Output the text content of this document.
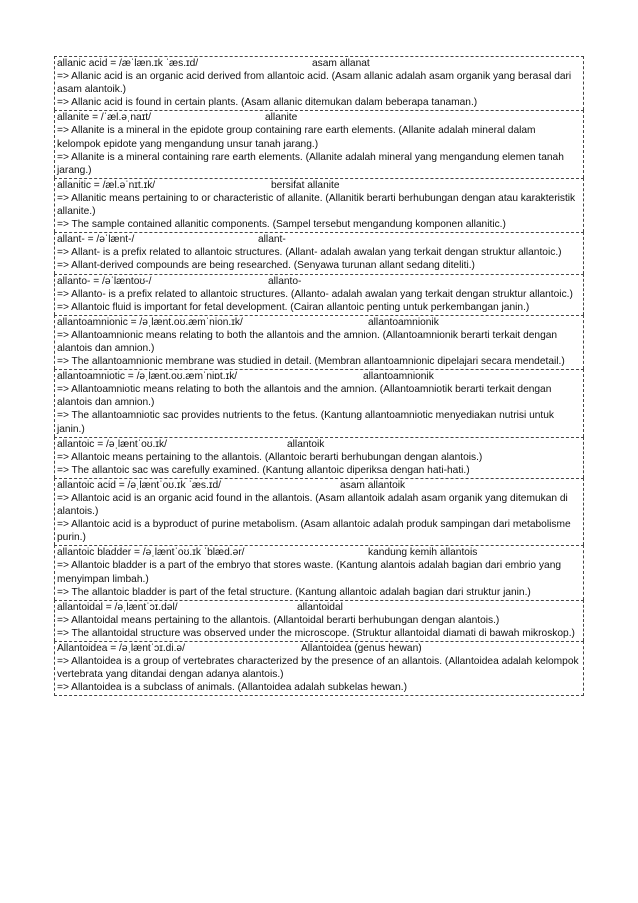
allanic acid = /æˈlæn.ɪk ˈæs.ɪd/	asam allanat
=> Allanic acid is an organic acid derived from allantoic acid. (Asam allanic adalah asam organik yang berasal dari asam alantoik.)
=> Allanic acid is found in certain plants. (Asam allanic ditemukan dalam beberapa tanaman.)
allanite = /ˈæl.əˌnaɪt/	allanite
=> Allanite is a mineral in the epidote group containing rare earth elements. (Allanite adalah mineral dalam kelompok epidote yang mengandung unsur tanah jarang.)
=> Allanite is a mineral containing rare earth elements. (Allanite adalah mineral yang mengandung elemen tanah jarang.)
allanitic = /æl.əˈnɪt.ɪk/	bersifat allanite
=> Allanitic means pertaining to or characteristic of allanite. (Allanitik berarti berhubungan dengan atau karakteristik allanite.)
=> The sample contained allanitic components. (Sampel tersebut mengandung komponen allanitic.)
allant- = /əˈlænt-/	allant-
=> Allant- is a prefix related to allantoic structures. (Allant- adalah awalan yang terkait dengan struktur allantoic.)
=> Allant-derived compounds are being researched. (Senyawa turunan allant sedang diteliti.)
allanto- = /əˈlæntoʊ-/	allanto-
=> Allanto- is a prefix related to allantoic structures. (Allanto- adalah awalan yang terkait dengan struktur allantoic.)
=> Allantoic fluid is important for fetal development. (Cairan allantoic penting untuk perkembangan janin.)
allantoamnionic = /əˌlænt.oʊ.æmˈnion.ɪk/	allantoamnionik
=> Allantoamnionic means relating to both the allantois and the amnion. (Allantoamnionik berarti terkait dengan alantois dan amnion.)
=> The allantoamnionic membrane was studied in detail. (Membran allantoamnionic dipelajari secara mendetail.)
allantoamniotic = /əˌlænt.oʊ.æmˈniɒt.ɪk/	allantoamnionik
=> Allantoamniotic means relating to both the allantois and the amnion. (Allantoamniotik berarti terkait dengan alantois dan amnion.)
=> The allantoamniotic sac provides nutrients to the fetus. (Kantung allantoamniotic menyediakan nutrisi untuk janin.)
allantoic = /əˌlæntˈoʊ.ɪk/	allantoik
=> Allantoic means pertaining to the allantois. (Allantoic berarti berhubungan dengan alantois.)
=> The allantoic sac was carefully examined. (Kantung allantoic diperiksa dengan hati-hati.)
allantoic acid = /əˌlæntˈoʊ.ɪk ˈæs.ɪd/	asam allantoik
=> Allantoic acid is an organic acid found in the allantois. (Asam allantoik adalah asam organik yang ditemukan di alantois.)
=> Allantoic acid is a byproduct of purine metabolism. (Asam allantoic adalah produk sampingan dari metabolisme purin.)
allantoic bladder = /əˌlæntˈoʊ.ɪk ˈblæd.ər/	kandung kemih allantois
=> Allantoic bladder is a part of the embryo that stores waste. (Kantung alantois adalah bagian dari embrio yang menyimpan limbah.)
=> The allantoic bladder is part of the fetal structure. (Kantung allantoic adalah bagian dari struktur janin.)
allantoidal = /əˌlæntˈɔɪ.dəl/	allantoidal
=> Allantoidal means pertaining to the allantois. (Allantoidal berarti berhubungan dengan alantois.)
=> The allantoidal structure was observed under the microscope. (Struktur allantoidal diamati di bawah mikroskop.)
Allantoidea = /əˌlæntˈɔɪ.di.ə/	Allantoidea (genus hewan)
=> Allantoidea is a group of vertebrates characterized by the presence of an allantois. (Allantoidea adalah kelompok vertebrata yang ditandai dengan adanya alantois.)
=> Allantoidea is a subclass of animals. (Allantoidea adalah subkelas hewan.)
